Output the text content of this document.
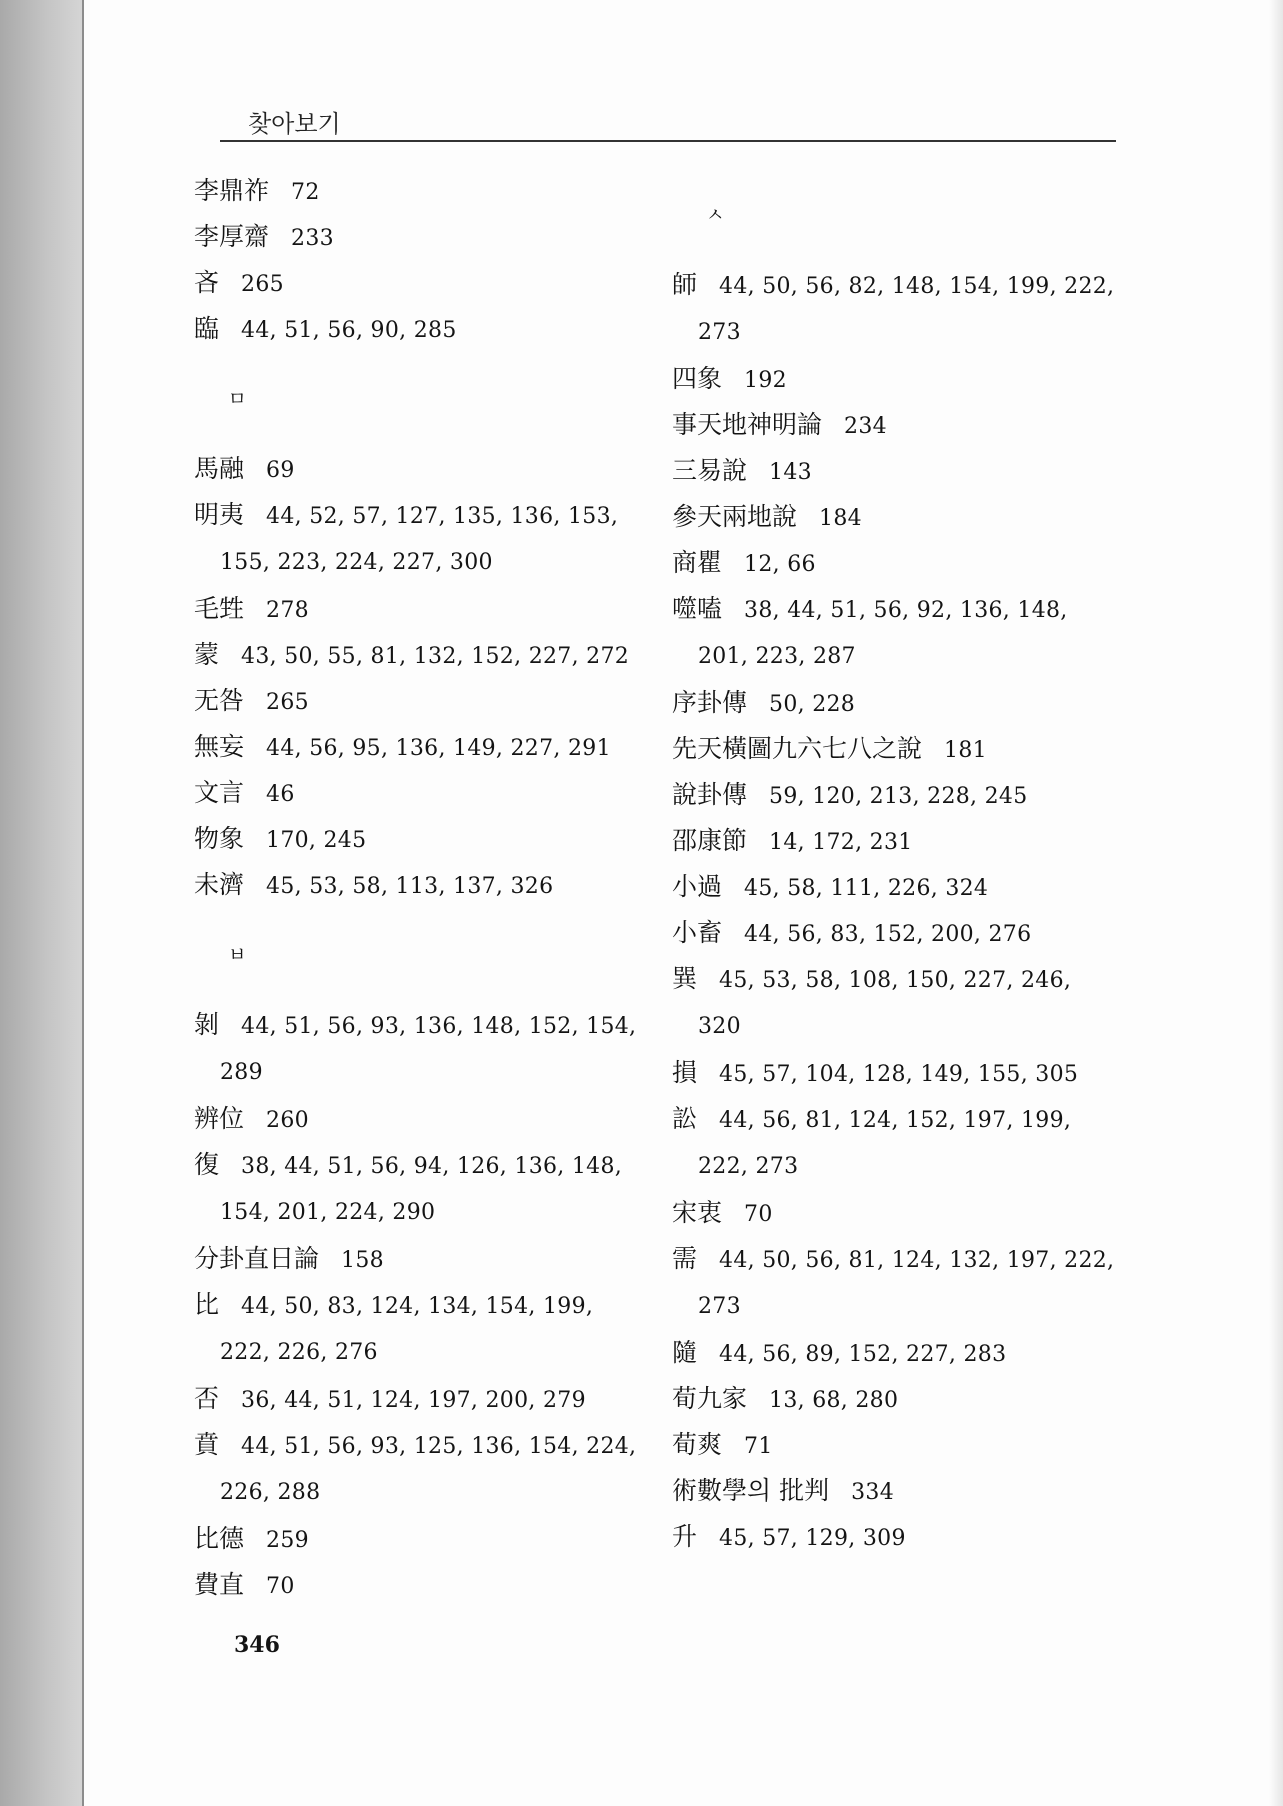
찾아보기
李鼎祚 72
李厚齋 233
吝 265
臨 44, 51, 56, 90, 285
ㅁ
馬融 69
明夷 44, 52, 57, 127, 135, 136, 153,
155, 223, 224, 227, 300
毛甡 278
蒙 43, 50, 55, 81, 132, 152, 227, 272
无咎 265
無妄 44, 56, 95, 136, 149, 227, 291
文言 46
物象 170, 245
未濟 45, 53, 58, 113, 137, 326
ㅂ
剝 44, 51, 56, 93, 136, 148, 152, 154,
289
辨位 260
復 38, 44, 51, 56, 94, 126, 136, 148,
154, 201, 224, 290
分卦直日論 158
比 44, 50, 83, 124, 134, 154, 199,
222, 226, 276
否 36, 44, 51, 124, 197, 200, 279
賁 44, 51, 56, 93, 125, 136, 154, 224,
226, 288
比德 259
費直 70
ㅅ
師 44, 50, 56, 82, 148, 154, 199, 222,
273
四象 192
事天地神明論 234
三易說 143
參天兩地說 184
商瞿 12, 66
噬嗑 38, 44, 51, 56, 92, 136, 148,
201, 223, 287
序卦傳 50, 228
先天橫圖九六七八之說 181
說卦傳 59, 120, 213, 228, 245
邵康節 14, 172, 231
小過 45, 58, 111, 226, 324
小畜 44, 56, 83, 152, 200, 276
巽 45, 53, 58, 108, 150, 227, 246,
320
損 45, 57, 104, 128, 149, 155, 305
訟 44, 56, 81, 124, 152, 197, 199,
222, 273
宋衷 70
需 44, 50, 56, 81, 124, 132, 197, 222,
273
隨 44, 56, 89, 152, 227, 283
荀九家 13, 68, 280
荀爽 71
術數學의 批判 334
升 45, 57, 129, 309
346
